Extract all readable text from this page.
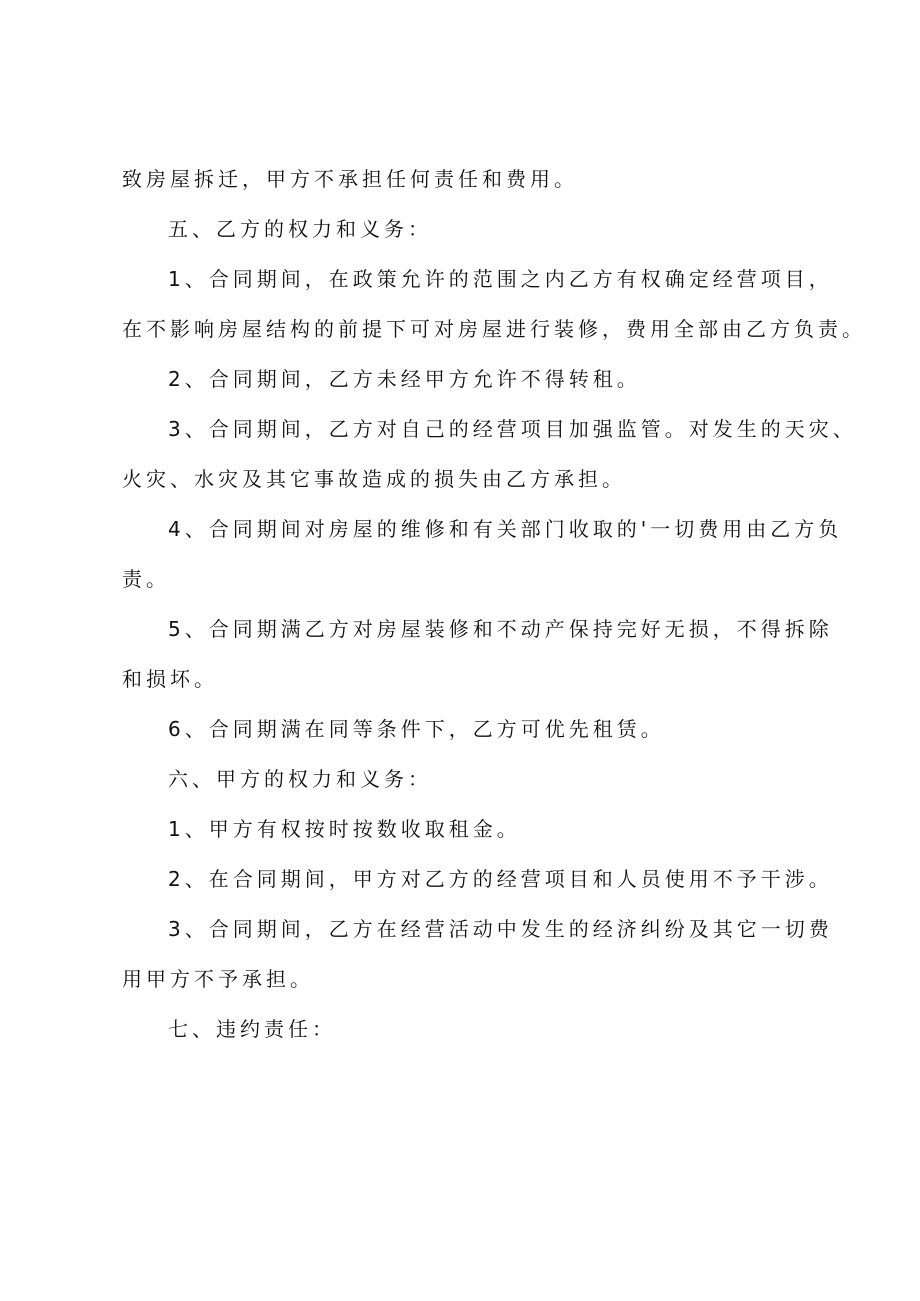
致房屋拆迁，甲方不承担任何责任和费用。
五、乙方的权力和义务：
1、合同期间，在政策允许的范围之内乙方有权确定经营项目，
在不影响房屋结构的前提下可对房屋进行装修，费用全部由乙方负责。
2、合同期间，乙方未经甲方允许不得转租。
3、合同期间，乙方对自己的经营项目加强监管。对发生的天灾、
火灾、水灾及其它事故造成的损失由乙方承担。
4、合同期间对房屋的维修和有关部门收取的'一切费用由乙方负
责。
5、合同期满乙方对房屋装修和不动产保持完好无损，不得拆除
和损坏。
6、合同期满在同等条件下，乙方可优先租赁。
六、甲方的权力和义务：
1、甲方有权按时按数收取租金。
2、在合同期间，甲方对乙方的经营项目和人员使用不予干涉。
3、合同期间，乙方在经营活动中发生的经济纠纷及其它一切费
用甲方不予承担。
七、违约责任：
